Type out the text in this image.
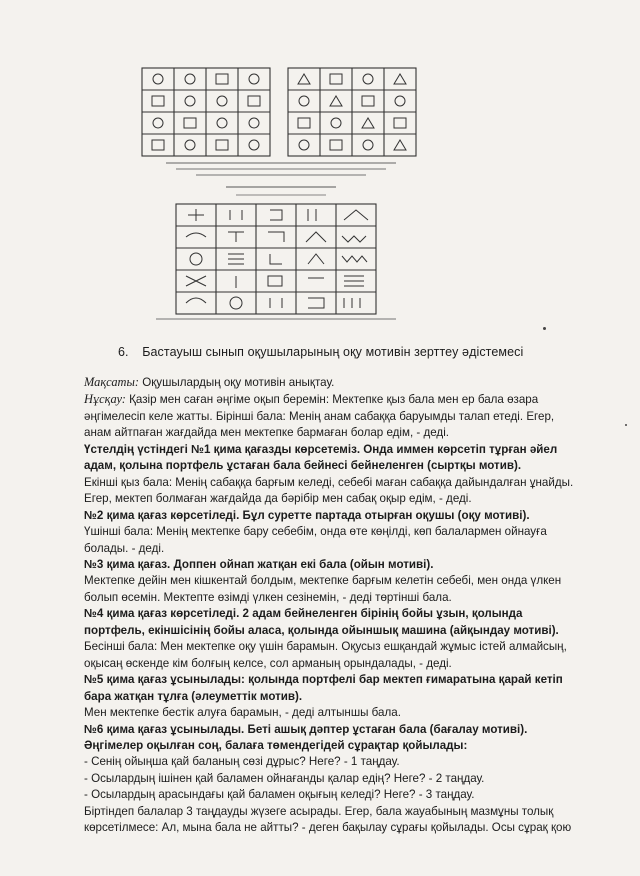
6. Бастауыш сынып оқушыларының оқу мотивін зерттеу әдістемесі

Мақсаты: Оқушылардың оқу мотивін анықтау.

Нұсқау: Қазір мен саған әңгіме оқып беремін: Мектепке қыз бала мен ер бала өзара

әңгімелесіп келе жатты. Бірінші бала: Менің анам сабаққа баруымды талап етеді. Егер,

анам айтпаған жағдайда мен мектепке бармаған болар едім, - деді.

Үстелдің үстіндегі №1 қима қағазды көрсетеміз. Онда иммен көрсетіп тұрған әйел

адам, қолына портфель ұстаған бала бейнесі бейнеленген (сыртқы мотив).

Екінші қыз бала: Менің сабаққа барғым келеді, себебі маған сабаққа дайындалған ұнайды.

Егер, мектеп болмаған жағдайда да бәрібір мен сабақ оқыр едім, - деді.

№2 қима қағаз көрсетіледі. Бұл суретте партада отырған оқушы (оқу мотиві).

Үшінші бала: Менің мектепке бару себебім, онда өте көңілді, көп балалармен ойнауға

болады. - деді.

№3 қима қағаз. Доппен ойнап жатқан екі бала (ойын мотиві).

Мектепке дейін мен кішкентай болдым, мектепке барғым келетін себебі, мен онда үлкен

болып өсемін. Мектепте өзімді үлкен сезінемін, - деді төртінші бала.

№4 қима қағаз көрсетіледі. 2 адам бейнеленген бірінің бойы ұзын, қолында

портфель, екіншісінің бойы аласа, қолында ойыншық машина (айқындау мотиві).

Бесінші бала: Мен мектепке оқу үшін барамын. Оқусыз ешқандай жұмыс істей алмайсың,

оқысаң өскенде кім болғың келсе, сол арманың орындалады, - деді.

№5 қима қағаз ұсынылады: қолында портфелі бар мектеп ғимаратына қарай кетіп

бара жатқан тұлға (әлеуметтік мотив).

Мен мектепке бестік алуға барамын, - деді алтыншы бала.

№6 қима қағаз ұсынылады. Беті ашық дәптер ұстаған бала (бағалау мотиві).

Әңгімелер оқылған соң, балаға төмендегідей сұрақтар қойылады:

- Сенің ойыңша қай баланың сөзі дұрыс? Неге? - 1 таңдау.

- Осылардың ішінен қай баламен ойнағанды қалар едің? Неге? - 2 таңдау.

- Осылардың арасындағы қай баламен оқығың келеді? Неге? - 3 таңдау.

Біртіндеп балалар 3 таңдауды жүзеге асырады. Егер, бала жауабының мазмұны толық

көрсетілмесе: Ал, мына бала не айтты? - деген бақылау сұрағы қойылады. Осы сұрақ қою
